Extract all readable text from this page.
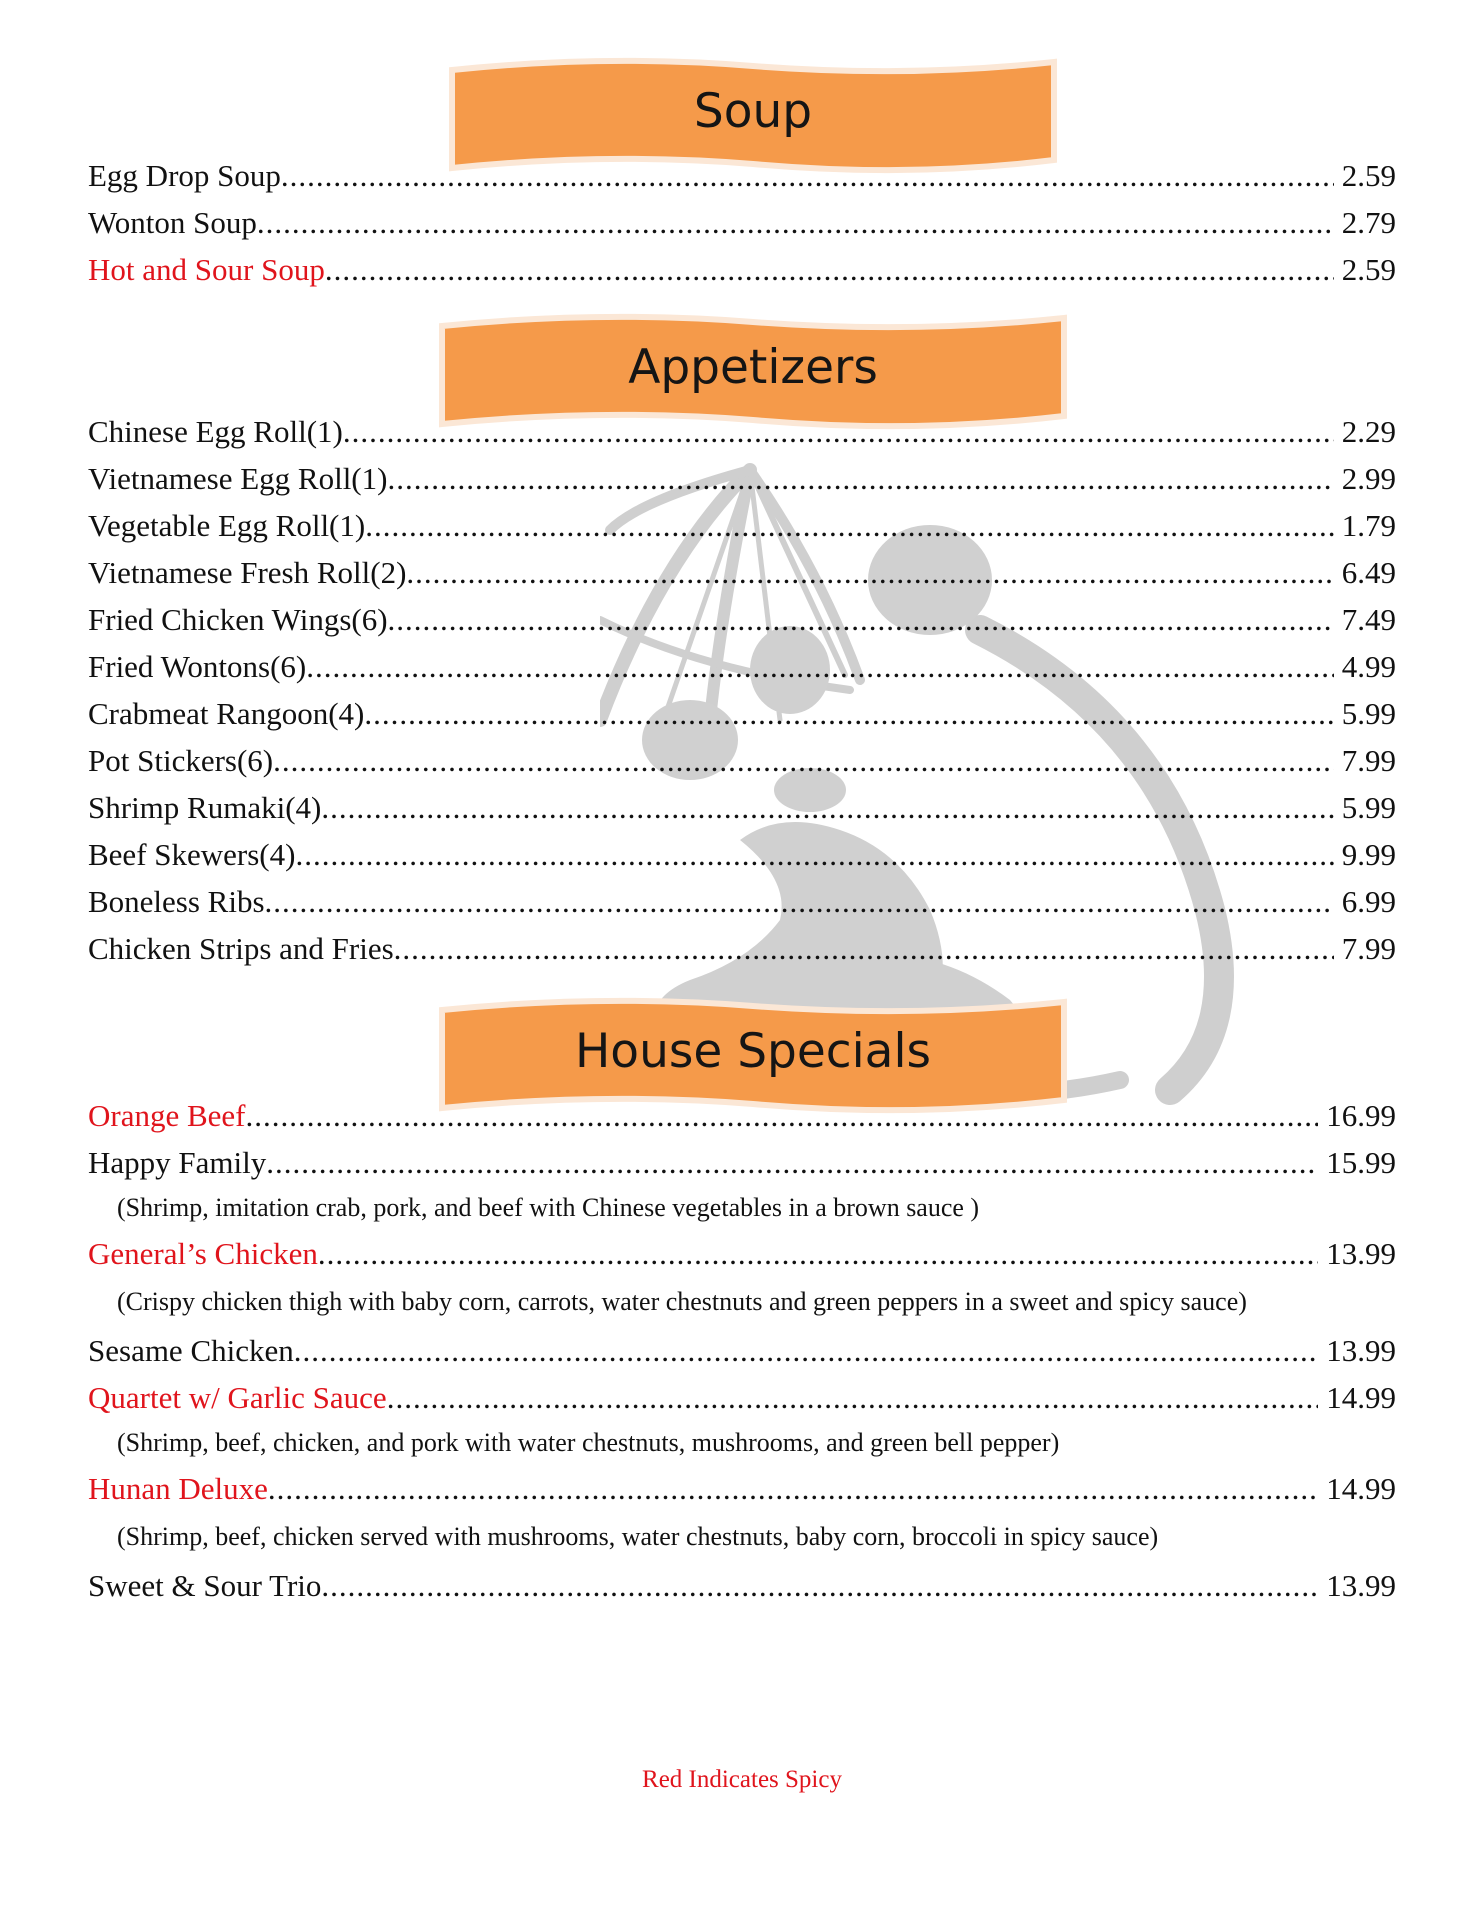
Soup
Egg Drop Soup .....	2.59
Wonton Soup .....	2.79
Hot and Sour Soup .....	2.59
Appetizers
Chinese Egg Roll(1) .....	2.29
Vietnamese Egg Roll(1) .....	2.99
Vegetable Egg Roll(1) .....	1.79
Vietnamese Fresh Roll(2) .....	6.49
Fried Chicken Wings(6) .....	7.49
Fried Wontons(6) .....	4.99
Crabmeat Rangoon(4) .....	5.99
Pot Stickers(6) .....	7.99
Shrimp Rumaki(4) .....	5.99
Beef Skewers(4) .....	9.99
Boneless Ribs .....	6.99
Chicken Strips and Fries .....	7.99
House Specials
Orange Beef .....	16.99
Happy Family .....	15.99
(Shrimp, imitation crab, pork, and beef with Chinese vegetables in a brown sauce )
General’s Chicken .....	13.99
(Crispy chicken thigh with baby corn, carrots, water chestnuts and green peppers in a sweet and spicy sauce)
Sesame Chicken .....	13.99
Quartet w/ Garlic Sauce .....	14.99
(Shrimp, beef, chicken, and pork with water chestnuts, mushrooms, and green bell pepper)
Hunan Deluxe .....	14.99
(Shrimp, beef, chicken served with mushrooms, water chestnuts, baby corn, broccoli in spicy sauce)
Sweet & Sour Trio .....	13.99
Red Indicates Spicy
